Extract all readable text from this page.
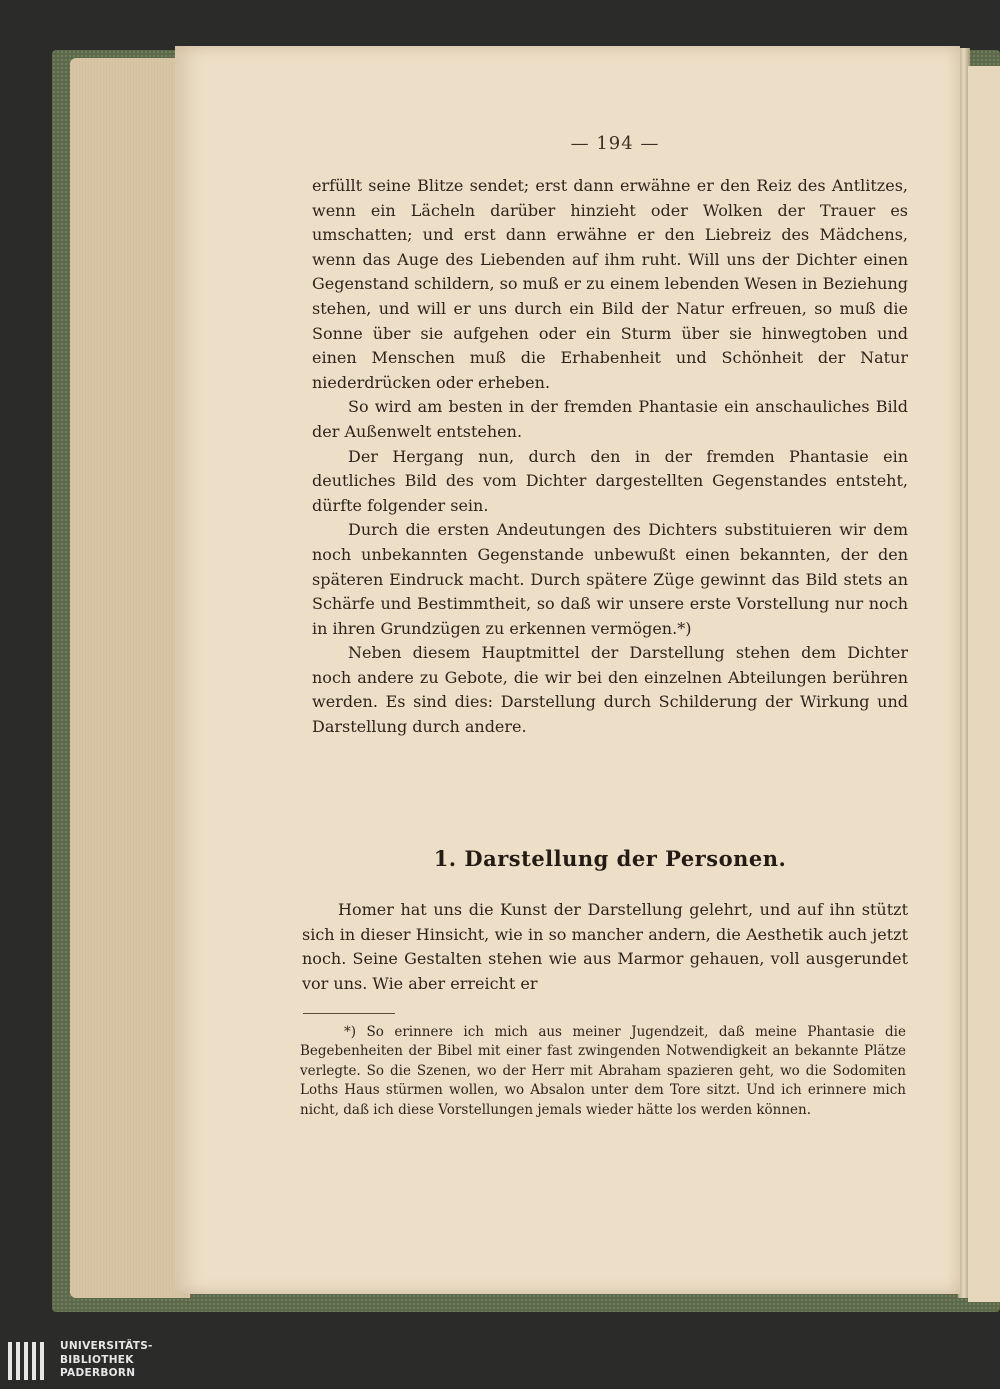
— 194 —

erfüllt seine Blitze sendet; erst dann erwähne er den Reiz des Antlitzes, wenn ein Lächeln darüber hinzieht oder Wolken der Trauer es umschatten; und erst dann erwähne er den Liebreiz des Mädchens, wenn das Auge des Liebenden auf ihm ruht. Will uns der Dichter einen Gegenstand schildern, so muß er zu einem lebenden Wesen in Beziehung stehen, und will er uns durch ein Bild der Natur erfreuen, so muß die Sonne über sie aufgehen oder ein Sturm über sie hinwegtoben und einen Menschen muß die Erhabenheit und Schönheit der Natur niederdrücken oder erheben.

So wird am besten in der fremden Phantasie ein anschauliches Bild der Außenwelt entstehen.

Der Hergang nun, durch den in der fremden Phantasie ein deutliches Bild des vom Dichter dargestellten Gegenstandes entsteht, dürfte folgender sein.

Durch die ersten Andeutungen des Dichters substituieren wir dem noch unbekannten Gegenstande unbewußt einen bekannten, der den späteren Eindruck macht. Durch spätere Züge gewinnt das Bild stets an Schärfe und Bestimmtheit, so daß wir unsere erste Vorstellung nur noch in ihren Grundzügen zu erkennen vermögen.*)

Neben diesem Hauptmittel der Darstellung stehen dem Dichter noch andere zu Gebote, die wir bei den einzelnen Abteilungen berühren werden. Es sind dies: Darstellung durch Schilderung der Wirkung und Darstellung durch andere.

1. Darstellung der Personen.

Homer hat uns die Kunst der Darstellung gelehrt, und auf ihn stützt sich in dieser Hinsicht, wie in so mancher andern, die Aesthetik auch jetzt noch. Seine Gestalten stehen wie aus Marmor gehauen, voll ausgerundet vor uns. Wie aber erreicht er

*) So erinnere ich mich aus meiner Jugendzeit, daß meine Phantasie die Begebenheiten der Bibel mit einer fast zwingenden Notwendigkeit an bekannte Plätze verlegte. So die Szenen, wo der Herr mit Abraham spazieren geht, wo die Sodomiten Loths Haus stürmen wollen, wo Absalon unter dem Tore sitzt. Und ich erinnere mich nicht, daß ich diese Vorstellungen jemals wieder hätte los werden können.

UNIVERSITÄTS-
BIBLIOTHEK
PADERBORN
